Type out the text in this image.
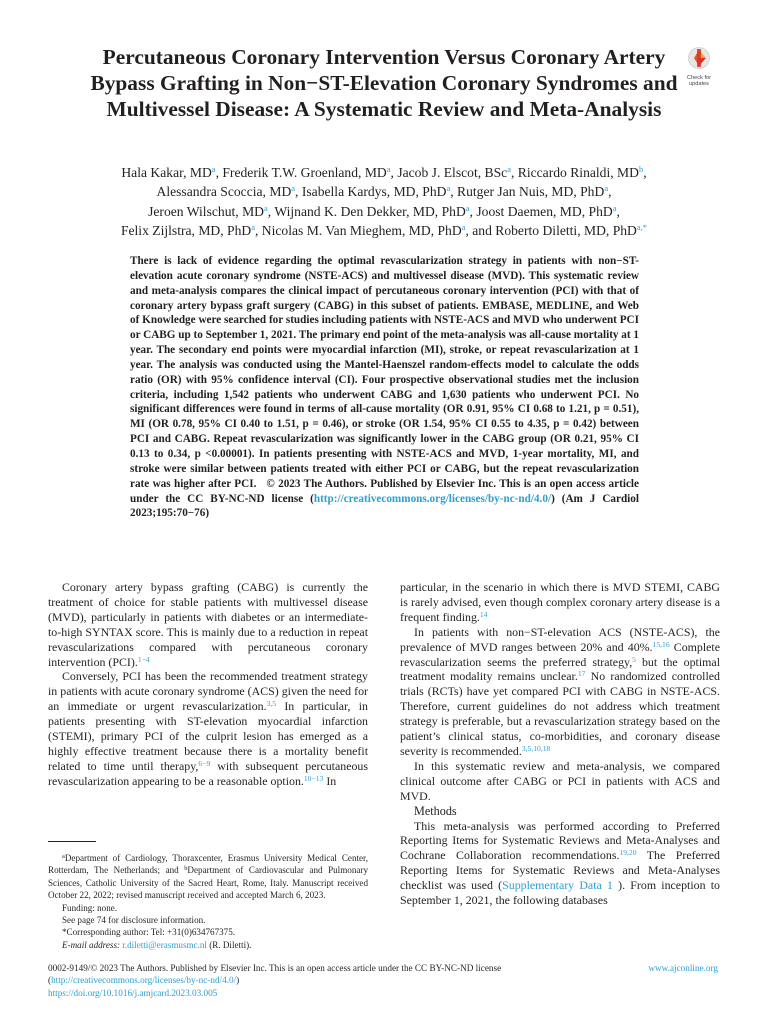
Percutaneous Coronary Intervention Versus Coronary Artery Bypass Grafting in Non−ST-Elevation Coronary Syndromes and Multivessel Disease: A Systematic Review and Meta-Analysis
Check for
updates
Hala Kakar, $MD^a$, Frederik T.W. Groenland, $MD^a$, Jacob J. Elscot, BSc$^a$, Riccardo Rinaldi, $MD^b$,
Alessandra Scoccia, $MD^a$, Isabella Kardys, MD, PhD$^a$, Rutger Jan Nuis, MD, PhD$^a$,
Jeroen Wilschut, $MD^a$, Wijnand K. Den Dekker, MD, PhD$^a$, Joost Daemen, MD, PhD$^a$,
Felix Zijlstra, MD, PhD$^a$, Nicolas M. Van Mieghem, MD, PhD$^a$, and Roberto Diletti, MD, PhD$^{a,*}$
There is lack of evidence regarding the optimal revascularization strategy in patients with non−ST-elevation acute coronary syndrome (NSTE-ACS) and multivessel disease (MVD). This systematic review and meta-analysis compares the clinical impact of percutaneous coronary intervention (PCI) with that of coronary artery bypass graft surgery (CABG) in this subset of patients. EMBASE, MEDLINE, and Web of Knowledge were searched for studies including patients with NSTE-ACS and MVD who underwent PCI or CABG up to September 1, 2021. The primary end point of the meta-analysis was all-cause mortality at 1 year. The secondary end points were myocardial infarction (MI), stroke, or repeat revascularization at 1 year. The analysis was conducted using the Mantel-Haenszel random-effects model to calculate the odds ratio (OR) with 95% confidence interval (CI). Four prospective observational studies met the inclusion criteria, including 1,542 patients who underwent CABG and 1,630 patients who underwent PCI. No significant differences were found in terms of all-cause mortality (OR 0.91, 95% CI 0.68 to 1.21, p = 0.51), MI (OR 0.78, 95% CI 0.40 to 1.51, p = 0.46), or stroke (OR 1.54, 95% CI 0.55 to 4.35, p = 0.42) between PCI and CABG. Repeat revascularization was significantly lower in the CABG group (OR 0.21, 95% CI 0.13 to 0.34, p <0.00001). In patients presenting with NSTE-ACS and MVD, 1-year mortality, MI, and stroke were similar between patients treated with either PCI or CABG, but the repeat revascularization rate was higher after PCI.   © 2023 The Authors. Published by Elsevier Inc. This is an open access article under the CC BY-NC-ND license (http://creativecommons.org/licenses/by-nc-nd/4.0/) (Am J Cardiol 2023;195:70−76)

Coronary artery bypass grafting (CABG) is currently the treatment of choice for stable patients with multivessel disease (MVD), particularly in patients with diabetes or an intermediate-to-high SYNTAX score. This is mainly due to a reduction in repeat revascularizations compared with percutaneous coronary intervention (PCI).$^{1-4}$

Conversely, PCI has been the recommended treatment strategy in patients with acute coronary syndrome (ACS) given the need for an immediate or urgent revascularization.$^{3,5}$ In particular, in patients presenting with ST-elevation myocardial infarction (STEMI), primary PCI of the culprit lesion has emerged as a highly effective treatment because there is a mortality benefit related to time until therapy,$^{6-9}$ with subsequent percutaneous revascularization appearing to be a reasonable option.$^{10-13}$ In

$^a$Department of Cardiology, Thoraxcenter, Erasmus University Medical Center, Rotterdam, The Netherlands; and $^b$Department of Cardiovascular and Pulmonary Sciences, Catholic University of the Sacred Heart, Rome, Italy. Manuscript received October 22, 2022; revised manuscript received and accepted March 6, 2023.

Funding: none.

See page 74 for disclosure information.

*Corresponding author: Tel: +31(0)634767375.

E-mail address: r.diletti@erasmusmc.nl (R. Diletti).

particular, in the scenario in which there is MVD STEMI, CABG is rarely advised, even though complex coronary artery disease is a frequent finding.$^{14}$

In patients with non−ST-elevation ACS (NSTE-ACS), the prevalence of MVD ranges between 20% and 40%.$^{15,16}$ Complete revascularization seems the preferred strategy,$^5$ but the optimal treatment modality remains unclear.$^{17}$ No randomized controlled trials (RCTs) have yet compared PCI with CABG in NSTE-ACS. Therefore, current guidelines do not address which treatment strategy is preferable, but a revascularization strategy based on the patient’s clinical status, co-morbidities, and coronary disease severity is recommended.$^{3,5,10,18}$

In this systematic review and meta-analysis, we compared clinical outcome after CABG or PCI in patients with ACS and MVD.

Methods

This meta-analysis was performed according to Preferred Reporting Items for Systematic Reviews and Meta-Analyses and Cochrane Collaboration recommendations.$^{19,20}$ The Preferred Reporting Items for Systematic Reviews and Meta-Analyses checklist was used (Supplementary Data 1 ). From inception to September 1, 2021, the following databases

0002-9149/© 2023 The Authors. Published by Elsevier Inc. This is an open access article under the CC BY-NC-ND license (http://creativecommons.org/licenses/by-nc-nd/4.0/)
https://doi.org/10.1016/j.amjcard.2023.03.005
www.ajconline.org
